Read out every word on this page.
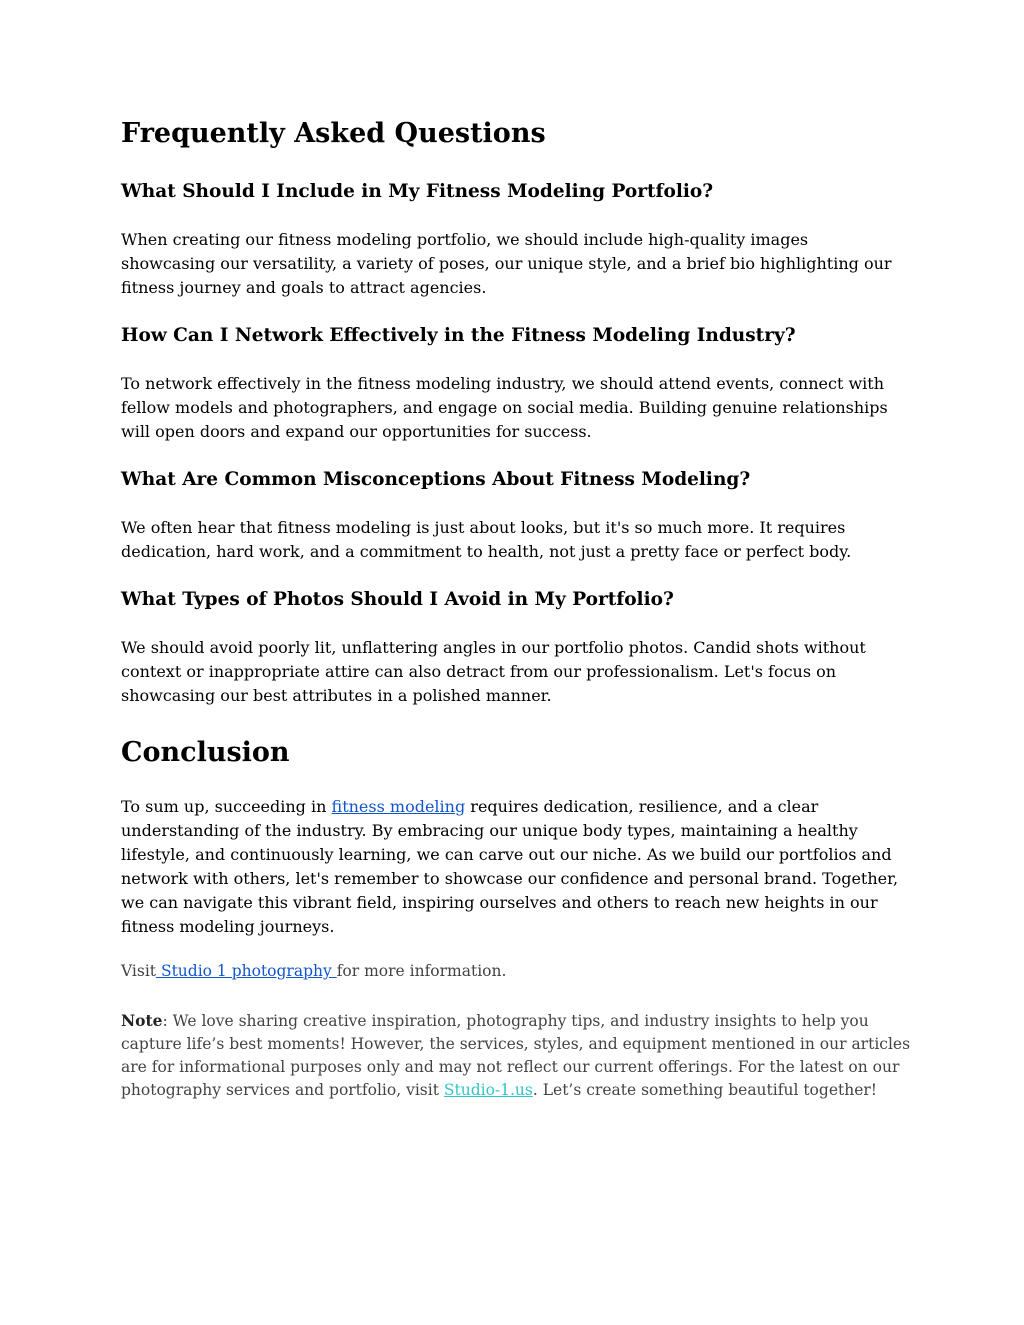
Frequently Asked Questions
What Should I Include in My Fitness Modeling Portfolio?
When creating our fitness modeling portfolio, we should include high-quality images
showcasing our versatility, a variety of poses, our unique style, and a brief bio highlighting our
fitness journey and goals to attract agencies.
How Can I Network Effectively in the Fitness Modeling Industry?
To network effectively in the fitness modeling industry, we should attend events, connect with
fellow models and photographers, and engage on social media. Building genuine relationships
will open doors and expand our opportunities for success.
What Are Common Misconceptions About Fitness Modeling?
We often hear that fitness modeling is just about looks, but it's so much more. It requires
dedication, hard work, and a commitment to health, not just a pretty face or perfect body.
What Types of Photos Should I Avoid in My Portfolio?
We should avoid poorly lit, unflattering angles in our portfolio photos. Candid shots without
context or inappropriate attire can also detract from our professionalism. Let's focus on
showcasing our best attributes in a polished manner.
Conclusion
To sum up, succeeding in fitness modeling requires dedication, resilience, and a clear
understanding of the industry. By embracing our unique body types, maintaining a healthy
lifestyle, and continuously learning, we can carve out our niche. As we build our portfolios and
network with others, let's remember to showcase our confidence and personal brand. Together,
we can navigate this vibrant field, inspiring ourselves and others to reach new heights in our
fitness modeling journeys.
Visit Studio 1 photography for more information.
Note: We love sharing creative inspiration, photography tips, and industry insights to help you
capture life’s best moments! However, the services, styles, and equipment mentioned in our articles
are for informational purposes only and may not reflect our current offerings. For the latest on our
photography services and portfolio, visit Studio-1.us. Let’s create something beautiful together!
